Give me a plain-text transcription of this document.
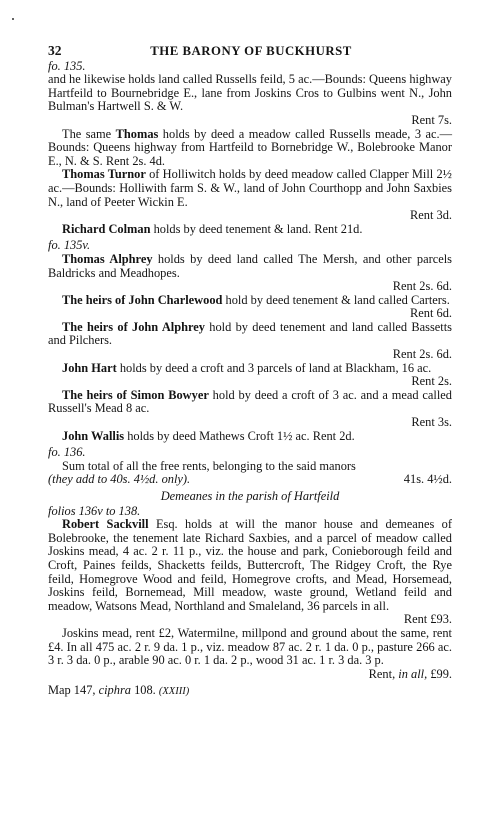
32	THE BARONY OF BUCKHURST

fo. 135.

and he likewise holds land called Russells feild, 5 ac.—Bounds: Queens highway Hartfeild to Bournebridge E., lane from Joskins Cros to Gulbins went N., John Bulman's Hartwell S. & W.

Rent 7s.

The same Thomas holds by deed a meadow called Russells meade, 3 ac.—Bounds: Queens highway from Hartfeild to Bornebridge W., Bolebrooke Manor E., N. & S. Rent 2s. 4d.

Thomas Turnor of Holliwitch holds by deed meadow called Clapper Mill 2½ ac.—Bounds: Holliwith farm S. & W., land of John Courthopp and John Saxbies N., land of Peeter Wickin E.

Rent 3d.

Richard Colman holds by deed tenement & land. Rent 21d.

fo. 135v.

Thomas Alphrey holds by deed land called The Mersh, and other parcels Baldricks and Meadhopes.

Rent 2s. 6d.

The heirs of John Charlewood hold by deed tenement & land called Carters.

Rent 6d.

The heirs of John Alphrey hold by deed tenement and land called Bassetts and Pilchers.

Rent 2s. 6d.

John Hart holds by deed a croft and 3 parcels of land at Blackham, 16 ac.

Rent 2s.

The heirs of Simon Bowyer hold by deed a croft of 3 ac. and a mead called Russell's Mead 8 ac.

Rent 3s.

John Wallis holds by deed Mathews Croft 1½ ac. Rent 2d.

fo. 136.

Sum total of all the free rents, belonging to the said manors

(they add to 40s. 4½d. only).	41s. 4½d.

Demeanes in the parish of Hartfeild

folios 136v to 138.

Robert Sackvill Esq. holds at will the manor house and demeanes of Bolebrooke, the tenement late Richard Saxbies, and a parcel of meadow called Joskins mead, 4 ac. 2 r. 11 p., viz. the house and park, Conieborough feild and Croft, Paines feilds, Shacketts feilds, Buttercroft, The Ridgey Croft, the Rye feild, Homegrove Wood and feild, Homegrove crofts, and Mead, Horsemead, Joskins feild, Bornemead, Mill meadow, waste ground, Wetland feild and meadow, Watsons Mead, Northland and Smaleland, 36 parcels in all.

Rent £93.

Joskins mead, rent £2, Watermilne, millpond and ground about the same, rent £4. In all 475 ac. 2 r. 9 da. 1 p., viz. meadow 87 ac. 2 r. 1 da. 0 p., pasture 266 ac. 3 r. 3 da. 0 p., arable 90 ac. 0 r. 1 da. 2 p., wood 31 ac. 1 r. 3 da. 3 p.

Rent, in all, £99.

Map 147, ciphra 108. (XXIII)
